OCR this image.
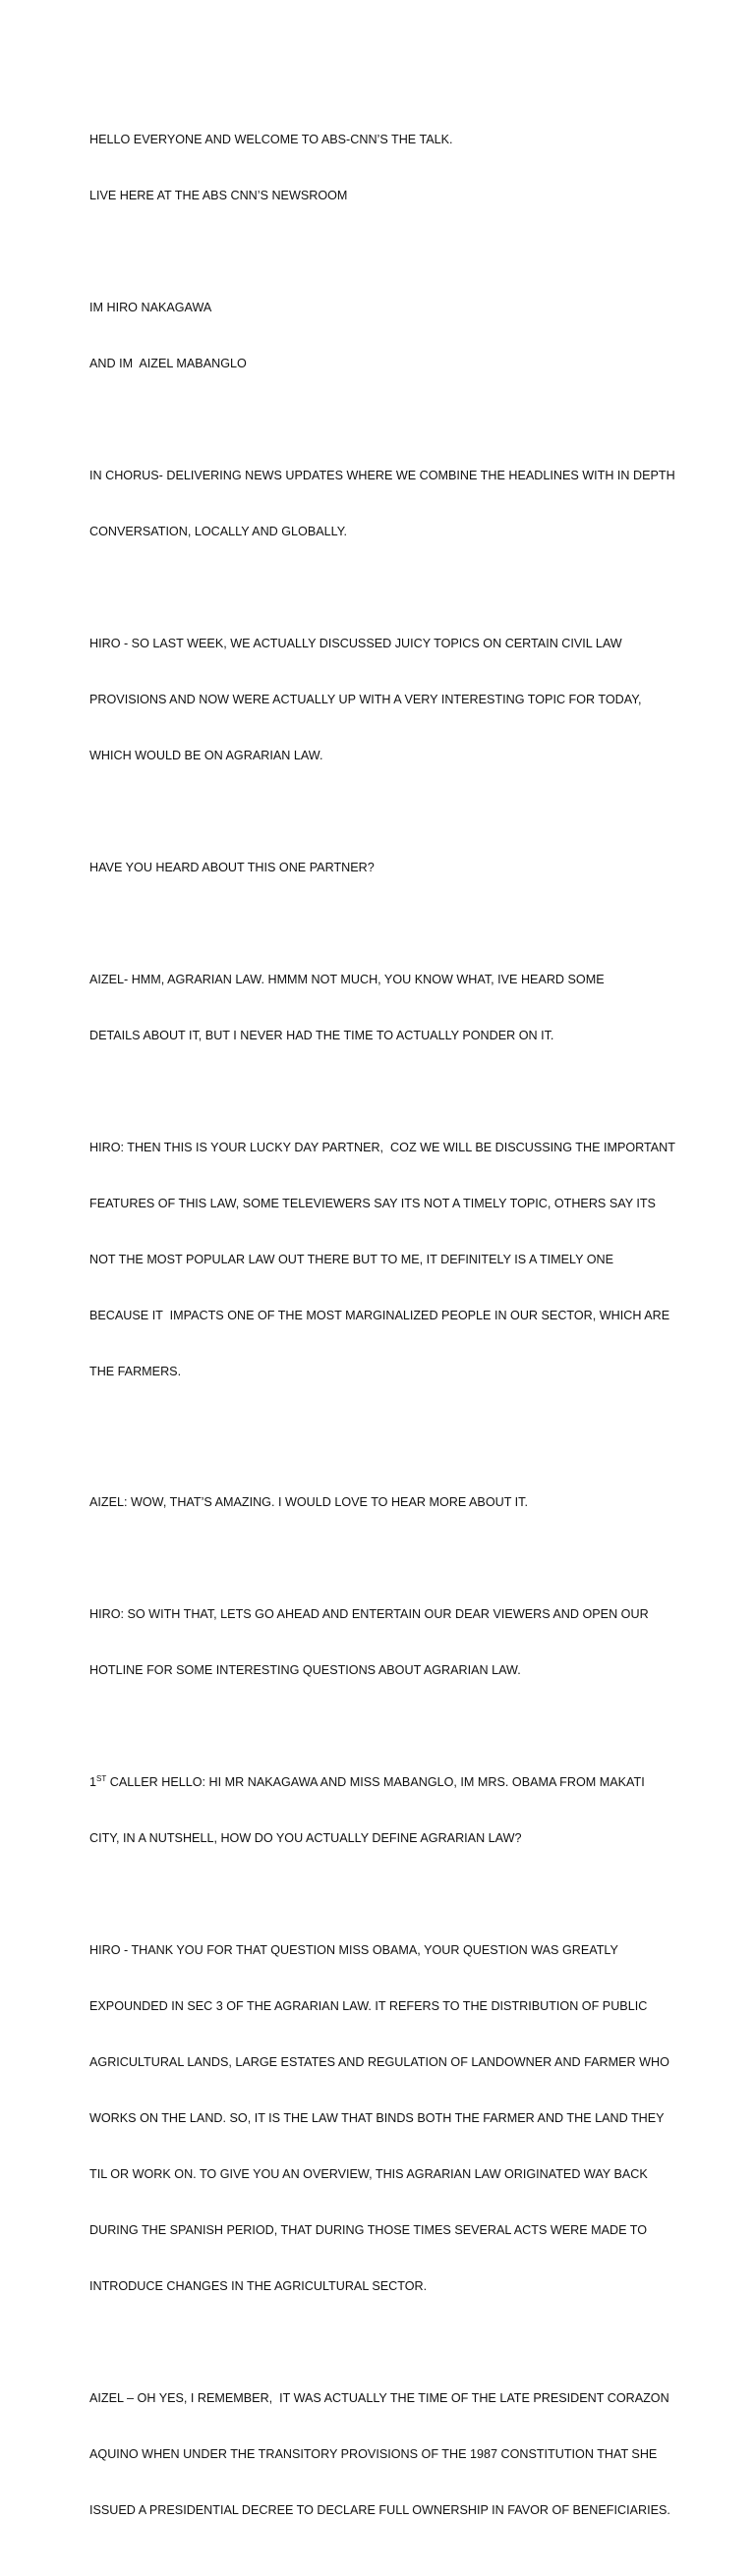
HELLO EVERYONE AND WELCOME TO ABS-CNN’S THE TALK.

LIVE HERE AT THE ABS CNN’S NEWSROOM

IM HIRO NAKAGAWA

AND IM  AIZEL MABANGLO

IN CHORUS- DELIVERING NEWS UPDATES WHERE WE COMBINE THE HEADLINES WITH IN DEPTH

CONVERSATION, LOCALLY AND GLOBALLY.

HIRO - SO LAST WEEK, WE ACTUALLY DISCUSSED JUICY TOPICS ON CERTAIN CIVIL LAW

PROVISIONS AND NOW WERE ACTUALLY UP WITH A VERY INTERESTING TOPIC FOR TODAY,

WHICH WOULD BE ON AGRARIAN LAW.

HAVE YOU HEARD ABOUT THIS ONE PARTNER?

AIZEL- HMM, AGRARIAN LAW. HMMM NOT MUCH, YOU KNOW WHAT, IVE HEARD SOME

DETAILS ABOUT IT, BUT I NEVER HAD THE TIME TO ACTUALLY PONDER ON IT.

HIRO: THEN THIS IS YOUR LUCKY DAY PARTNER,  COZ WE WILL BE DISCUSSING THE IMPORTANT

FEATURES OF THIS LAW, SOME TELEVIEWERS SAY ITS NOT A TIMELY TOPIC, OTHERS SAY ITS

NOT THE MOST POPULAR LAW OUT THERE BUT TO ME, IT DEFINITELY IS A TIMELY ONE

BECAUSE IT  IMPACTS ONE OF THE MOST MARGINALIZED PEOPLE IN OUR SECTOR, WHICH ARE

THE FARMERS.

AIZEL: WOW, THAT’S AMAZING. I WOULD LOVE TO HEAR MORE ABOUT IT.

HIRO: SO WITH THAT, LETS GO AHEAD AND ENTERTAIN OUR DEAR VIEWERS AND OPEN OUR

HOTLINE FOR SOME INTERESTING QUESTIONS ABOUT AGRARIAN LAW.

1ST CALLER HELLO: HI MR NAKAGAWA AND MISS MABANGLO, IM MRS. OBAMA FROM MAKATI

CITY, IN A NUTSHELL, HOW DO YOU ACTUALLY DEFINE AGRARIAN LAW?

HIRO - THANK YOU FOR THAT QUESTION MISS OBAMA, YOUR QUESTION WAS GREATLY

EXPOUNDED IN SEC 3 OF THE AGRARIAN LAW. IT REFERS TO THE DISTRIBUTION OF PUBLIC

AGRICULTURAL LANDS, LARGE ESTATES AND REGULATION OF LANDOWNER AND FARMER WHO

WORKS ON THE LAND. SO, IT IS THE LAW THAT BINDS BOTH THE FARMER AND THE LAND THEY

TIL OR WORK ON. TO GIVE YOU AN OVERVIEW, THIS AGRARIAN LAW ORIGINATED WAY BACK

DURING THE SPANISH PERIOD, THAT DURING THOSE TIMES SEVERAL ACTS WERE MADE TO

INTRODUCE CHANGES IN THE AGRICULTURAL SECTOR.

AIZEL – OH YES, I REMEMBER,  IT WAS ACTUALLY THE TIME OF THE LATE PRESIDENT CORAZON

AQUINO WHEN UNDER THE TRANSITORY PROVISIONS OF THE 1987 CONSTITUTION THAT SHE

ISSUED A PRESIDENTIAL DECREE TO DECLARE FULL OWNERSHIP IN FAVOR OF BENEFICIARIES.
